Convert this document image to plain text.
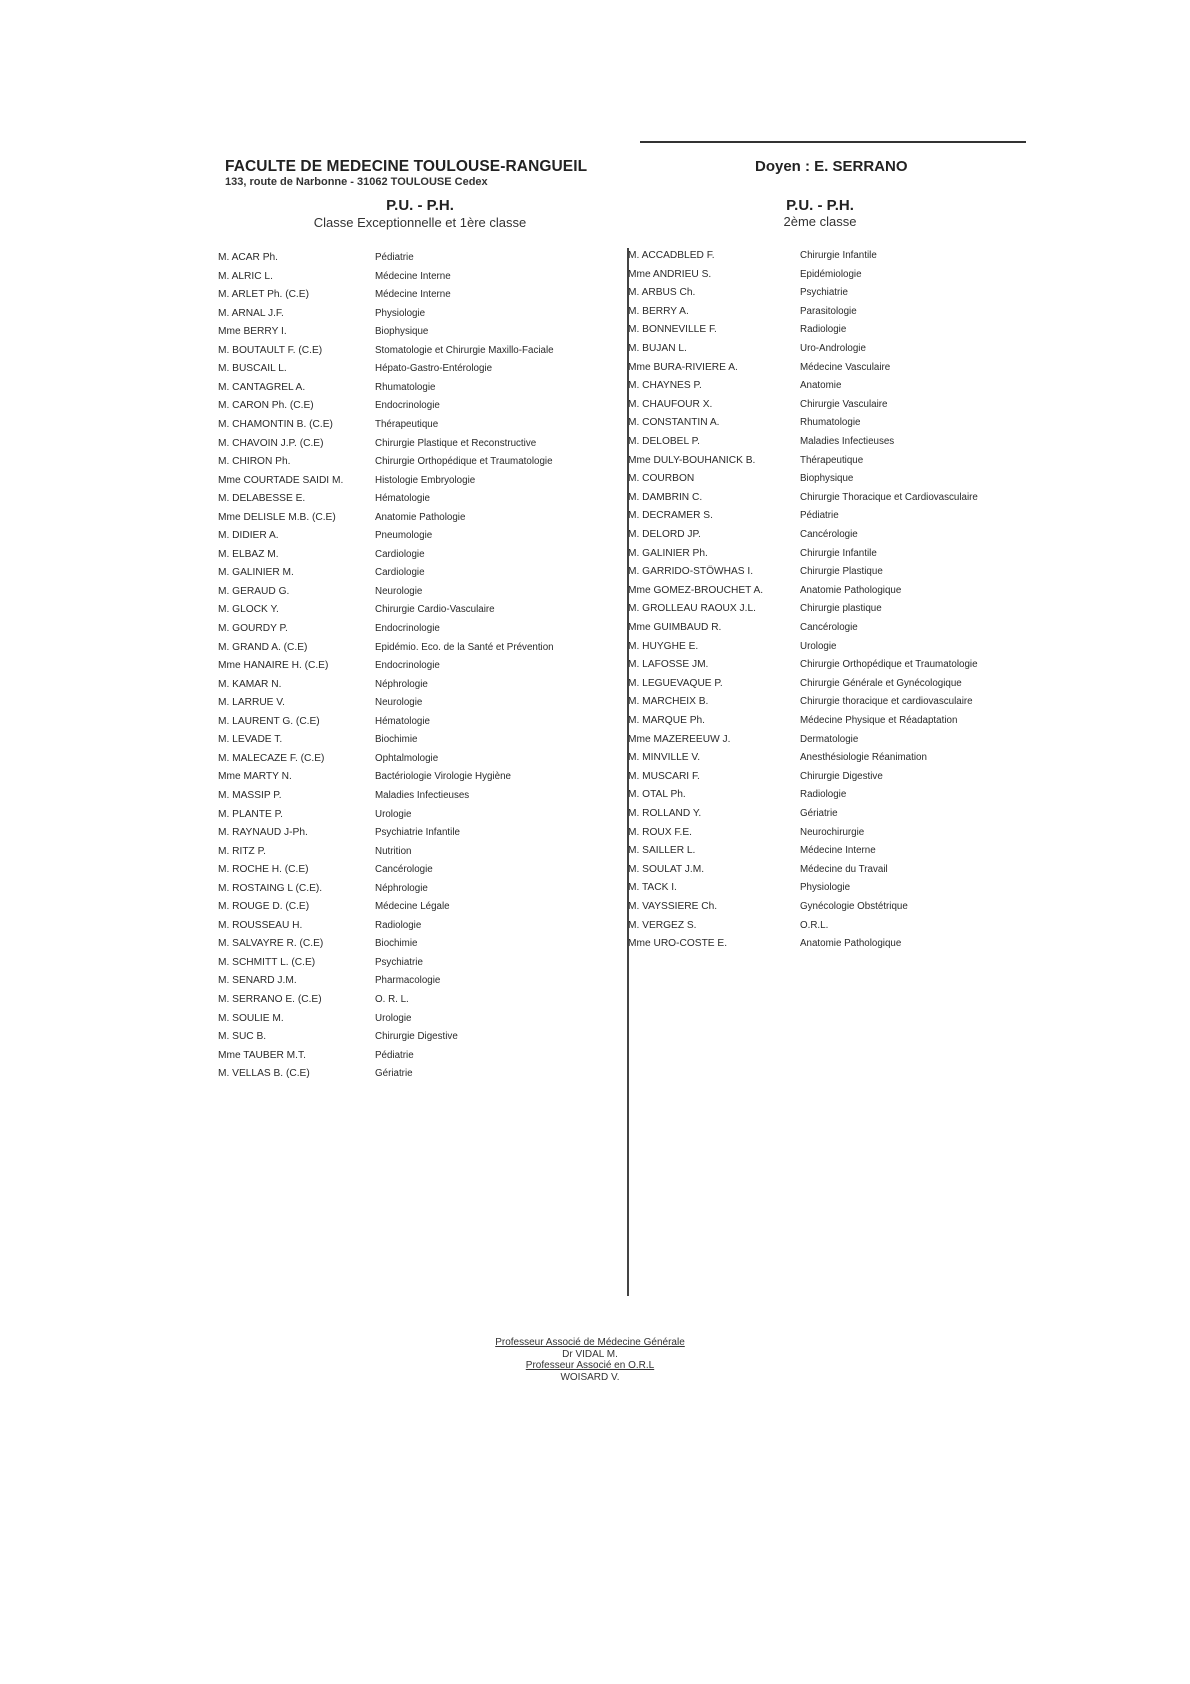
FACULTE DE MEDECINE TOULOUSE-RANGUEIL
133, route de Narbonne - 31062 TOULOUSE Cedex
Doyen : E. SERRANO
P.U. - P.H.
Classe Exceptionnelle et 1ère classe
P.U. - P.H.
2ème classe
M. ACAR Ph.	Pédiatrie
M. ALRIC L.	Médecine Interne
M. ARLET Ph. (C.E)	Médecine Interne
M. ARNAL J.F.	Physiologie
Mme BERRY I.	Biophysique
M. BOUTAULT F. (C.E)	Stomatologie et Chirurgie Maxillo-Faciale
M. BUSCAIL L.	Hépato-Gastro-Entérologie
M. CANTAGREL A.	Rhumatologie
M. CARON Ph. (C.E)	Endocrinologie
M. CHAMONTIN B. (C.E)	Thérapeutique
M. CHAVOIN J.P. (C.E)	Chirurgie Plastique et Reconstructive
M. CHIRON Ph.	Chirurgie Orthopédique et Traumatologie
Mme COURTADE SAIDI M.	Histologie Embryologie
M. DELABESSE E.	Hématologie
Mme DELISLE M.B. (C.E)	Anatomie Pathologie
M. DIDIER A.	Pneumologie
M. ELBAZ M.	Cardiologie
M. GALINIER M.	Cardiologie
M. GERAUD G.	Neurologie
M. GLOCK Y.	Chirurgie Cardio-Vasculaire
M. GOURDY P.	Endocrinologie
M. GRAND A. (C.E)	Epidémio. Eco. de la Santé et Prévention
Mme HANAIRE H. (C.E)	Endocrinologie
M. KAMAR N.	Néphrologie
M. LARRUE V.	Neurologie
M. LAURENT G. (C.E)	Hématologie
M. LEVADE T.	Biochimie
M. MALECAZE F. (C.E)	Ophtalmologie
Mme MARTY N.	Bactériologie Virologie Hygiène
M. MASSIP P.	Maladies Infectieuses
M. PLANTE P.	Urologie
M. RAYNAUD J-Ph.	Psychiatrie Infantile
M. RITZ P.	Nutrition
M. ROCHE H. (C.E)	Cancérologie
M. ROSTAING L (C.E).	Néphrologie
M. ROUGE D. (C.E)	Médecine Légale
M. ROUSSEAU H.	Radiologie
M. SALVAYRE R. (C.E)	Biochimie
M. SCHMITT L. (C.E)	Psychiatrie
M. SENARD J.M.	Pharmacologie
M. SERRANO E. (C.E)	O. R. L.
M. SOULIE M.	Urologie
M. SUC B.	Chirurgie Digestive
Mme TAUBER M.T.	Pédiatrie
M. VELLAS B. (C.E)	Gériatrie
M. ACCADBLED F.	Chirurgie Infantile
Mme ANDRIEU S.	Epidémiologie
M. ARBUS Ch.	Psychiatrie
M. BERRY A.	Parasitologie
M. BONNEVILLE F.	Radiologie
M. BUJAN L.	Uro-Andrologie
Mme BURA-RIVIERE A.	Médecine Vasculaire
M. CHAYNES P.	Anatomie
M. CHAUFOUR X.	Chirurgie Vasculaire
M. CONSTANTIN A.	Rhumatologie
M. DELOBEL P.	Maladies Infectieuses
Mme DULY-BOUHANICK B.	Thérapeutique
M. COURBON	Biophysique
M. DAMBRIN C.	Chirurgie Thoracique et Cardiovasculaire
M. DECRAMER S.	Pédiatrie
M. DELORD JP.	Cancérologie
M. GALINIER Ph.	Chirurgie Infantile
M. GARRIDO-STÖWHAS I.	Chirurgie Plastique
Mme GOMEZ-BROUCHET A.	Anatomie Pathologique
M. GROLLEAU RAOUX J.L.	Chirurgie plastique
Mme GUIMBAUD R.	Cancérologie
M. HUYGHE E.	Urologie
M. LAFOSSE JM.	Chirurgie Orthopédique et Traumatologie
M. LEGUEVAQUE P.	Chirurgie Générale et Gynécologique
M. MARCHEIX B.	Chirurgie thoracique et cardiovasculaire
M. MARQUE Ph.	Médecine Physique et Réadaptation
Mme MAZEREEUW J.	Dermatologie
M. MINVILLE V.	Anesthésiologie Réanimation
M. MUSCARI F.	Chirurgie Digestive
M. OTAL Ph.	Radiologie
M. ROLLAND Y.	Gériatrie
M. ROUX F.E.	Neurochirurgie
M. SAILLER L.	Médecine Interne
M. SOULAT J.M.	Médecine du Travail
M. TACK I.	Physiologie
M. VAYSSIERE Ch.	Gynécologie Obstétrique
M. VERGEZ S.	O.R.L.
Mme URO-COSTE E.	Anatomie Pathologique
Professeur Associé de Médecine Générale
Dr VIDAL M.
Professeur Associé en O.R.L
WOISARD V.
